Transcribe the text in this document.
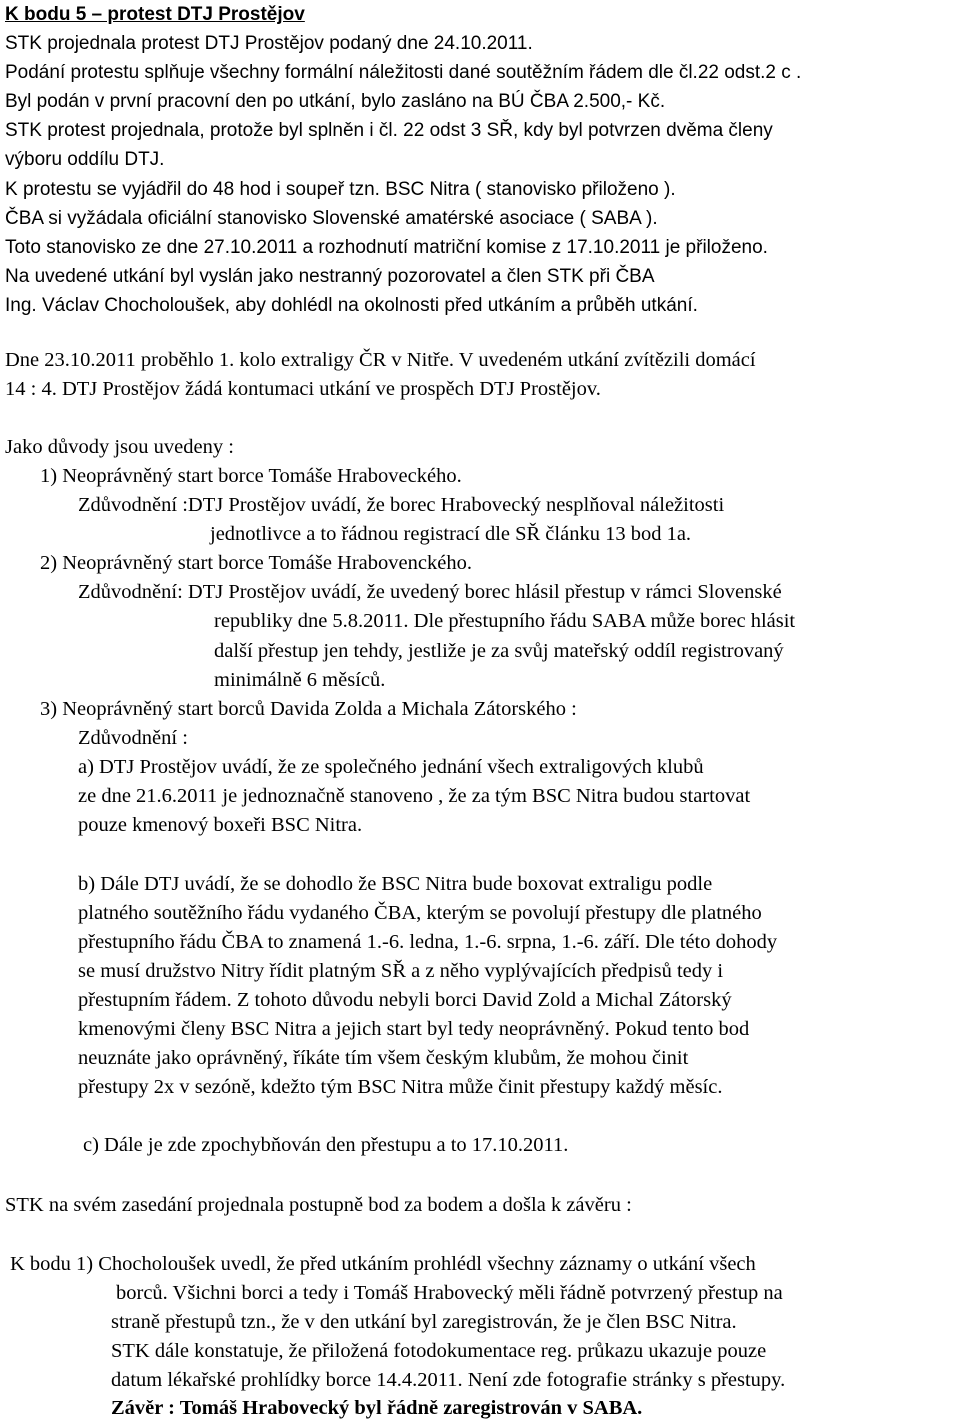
K bodu 5 – protest DTJ Prostějov
STK projednala protest DTJ Prostějov podaný dne 24.10.2011.
Podání protestu splňuje všechny formální náležitosti dané soutěžním řádem dle čl.22 odst.2 c .
Byl podán v první pracovní den po utkání, bylo zasláno na BÚ ČBA 2.500,- Kč.
STK protest projednala, protože byl splněn i čl. 22 odst 3 SŘ, kdy byl potvrzen dvěma členy
výboru oddílu DTJ.
K protestu se vyjádřil do 48 hod i soupeř tzn. BSC Nitra ( stanovisko přiloženo ).
ČBA si vyžádala oficiální stanovisko Slovenské amatérské asociace ( SABA ).
Toto stanovisko ze dne 27.10.2011 a rozhodnutí matriční komise z 17.10.2011 je přiloženo.
Na uvedené utkání byl vyslán jako nestranný pozorovatel a člen STK při ČBA
Ing. Václav Chocholoušek, aby dohlédl na okolnosti před utkáním a průběh utkání.
Dne 23.10.2011 proběhlo 1. kolo extraligy ČR v Nitře. V uvedeném utkání zvítězili domácí
14 : 4. DTJ Prostějov žádá kontumaci utkání ve prospěch DTJ Prostějov.
Jako důvody jsou uvedeny :
1) Neoprávněný start borce Tomáše Hraboveckého.
Zdůvodnění :DTJ Prostějov uvádí, že borec Hrabovecký nesplňoval náležitosti
jednotlivce a to řádnou registrací dle SŘ článku 13 bod 1a.
2) Neoprávněný start borce Tomáše Hrabovenckého.
Zdůvodnění: DTJ Prostějov uvádí, že uvedený borec hlásil přestup v rámci Slovenské
republiky dne 5.8.2011. Dle přestupního řádu SABA může borec hlásit
další přestup jen tehdy, jestliže je za svůj mateřský oddíl registrovaný
minimálně 6 měsíců.
3) Neoprávněný start borců Davida Zolda a Michala Zátorského :
Zdůvodnění :
a) DTJ Prostějov uvádí, že ze společného jednání všech extraligových klubů
ze dne 21.6.2011 je jednoznačně stanoveno , že za tým BSC Nitra budou startovat
pouze kmenový boxeři BSC Nitra.
b) Dále DTJ uvádí, že se dohodlo že BSC Nitra bude boxovat extraligu podle
platného soutěžního řádu vydaného ČBA, kterým se povolují přestupy dle platného
přestupního řádu ČBA to znamená 1.-6. ledna, 1.-6. srpna, 1.-6. září. Dle této dohody
se musí družstvo Nitry řídit platným SŘ a z něho vyplývajících předpisů tedy i
přestupním řádem. Z tohoto důvodu nebyli borci David Zold a Michal Zátorský
kmenovými členy BSC Nitra a jejich start byl tedy neoprávněný. Pokud tento bod
neuznáte jako oprávněný, říkáte tím všem českým klubům, že mohou činit
přestupy 2x v sezóně, kdežto tým BSC Nitra může činit přestupy každý měsíc.
c) Dále je zde zpochybňován den přestupu a to 17.10.2011.
STK na svém zasedání projednala postupně bod za bodem a došla k závěru :
K bodu 1) Chocholoušek uvedl, že před utkáním prohlédl všechny záznamy o utkání všech
borců. Všichni borci a tedy i Tomáš Hrabovecký měli řádně potvrzený přestup na
straně přestupů tzn., že v den utkání byl zaregistrován, že je člen BSC Nitra.
STK dále konstatuje, že přiložená fotodokumentace reg. průkazu ukazuje pouze
datum lékařské prohlídky borce 14.4.2011. Není zde fotografie stránky s přestupy.
Závěr : Tomáš Hrabovecký byl řádně zaregistrován v SABA.
